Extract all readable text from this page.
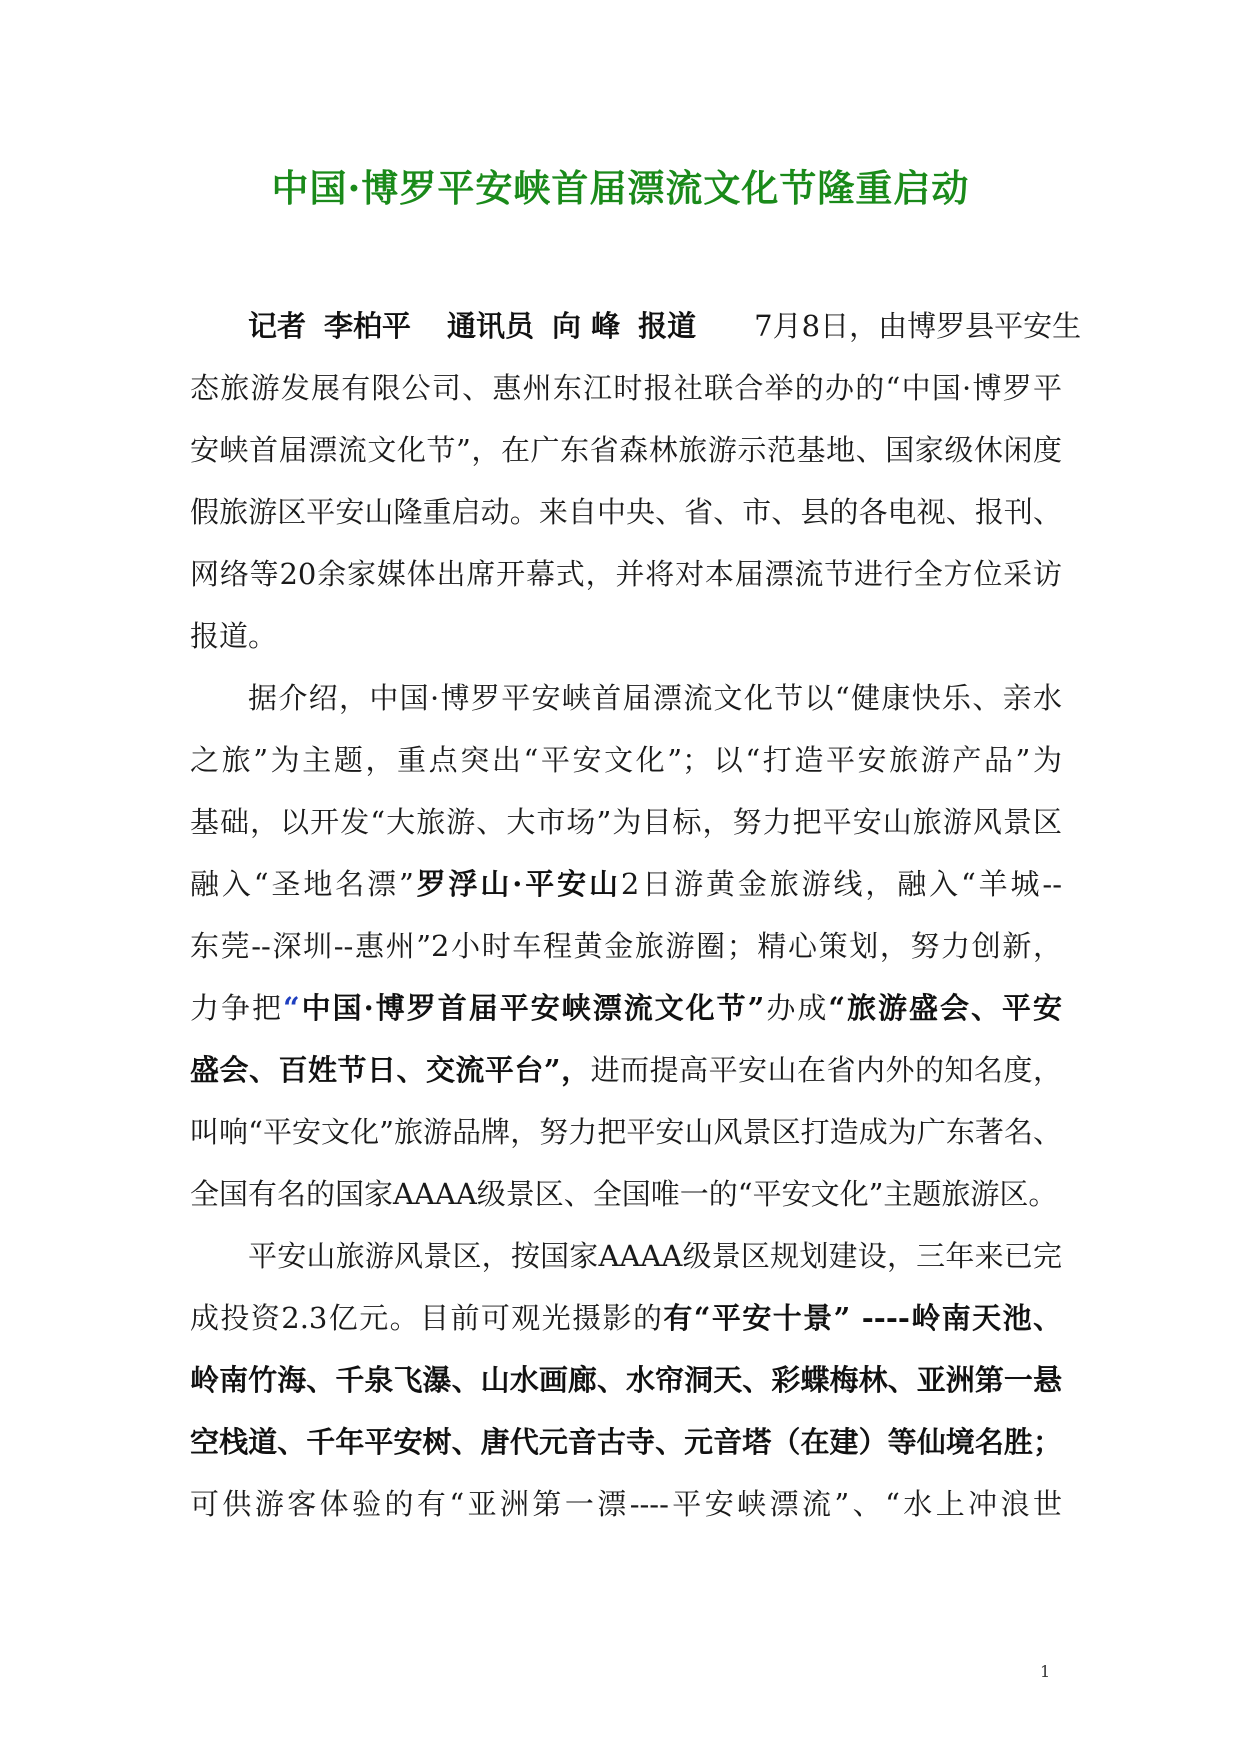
中国·博罗平安峡首届漂流文化节隆重启动

记者 李柏平 通讯员 向 峰 报道 7月8日，由博罗县平安生

态旅游发展有限公司、惠州东江时报社联合举的办的“中国·博罗平

安峡首届漂流文化节”，在广东省森林旅游示范基地、国家级休闲度

假旅游区平安山隆重启动。来自中央、省、市、县的各电视、报刊、

网络等20余家媒体出席开幕式，并将对本届漂流节进行全方位采访

报道。

据介绍，中国·博罗平安峡首届漂流文化节以“健康快乐、亲水

之旅”为主题，重点突出“平安文化”；以“打造平安旅游产品”为

基础，以开发“大旅游、大市场”为目标，努力把平安山旅游风景区

融入“圣地名漂”罗浮山·平安山2日游黄金旅游线，融入“羊城--

东莞--深圳--惠州”2小时车程黄金旅游圈；精心策划，努力创新，

力争把“中国·博罗首届平安峡漂流文化节”办成“旅游盛会、平安

盛会、百姓节日、交流平台”，进而提高平安山在省内外的知名度，

叫响“平安文化”旅游品牌，努力把平安山风景区打造成为广东著名、

全国有名的国家AAAA级景区、全国唯一的“平安文化”主题旅游区。

平安山旅游风景区，按国家AAAA级景区规划建设，三年来已完

成投资2.3亿元。目前可观光摄影的有“平安十景” ----岭南天池、

岭南竹海、千泉飞瀑、山水画廊、水帘洞天、彩蝶梅林、亚洲第一悬

空栈道、千年平安树、唐代元音古寺、元音塔（在建）等仙境名胜；

可供游客体验的有“亚洲第一漂----平安峡漂流”、“水上冲浪世

1
